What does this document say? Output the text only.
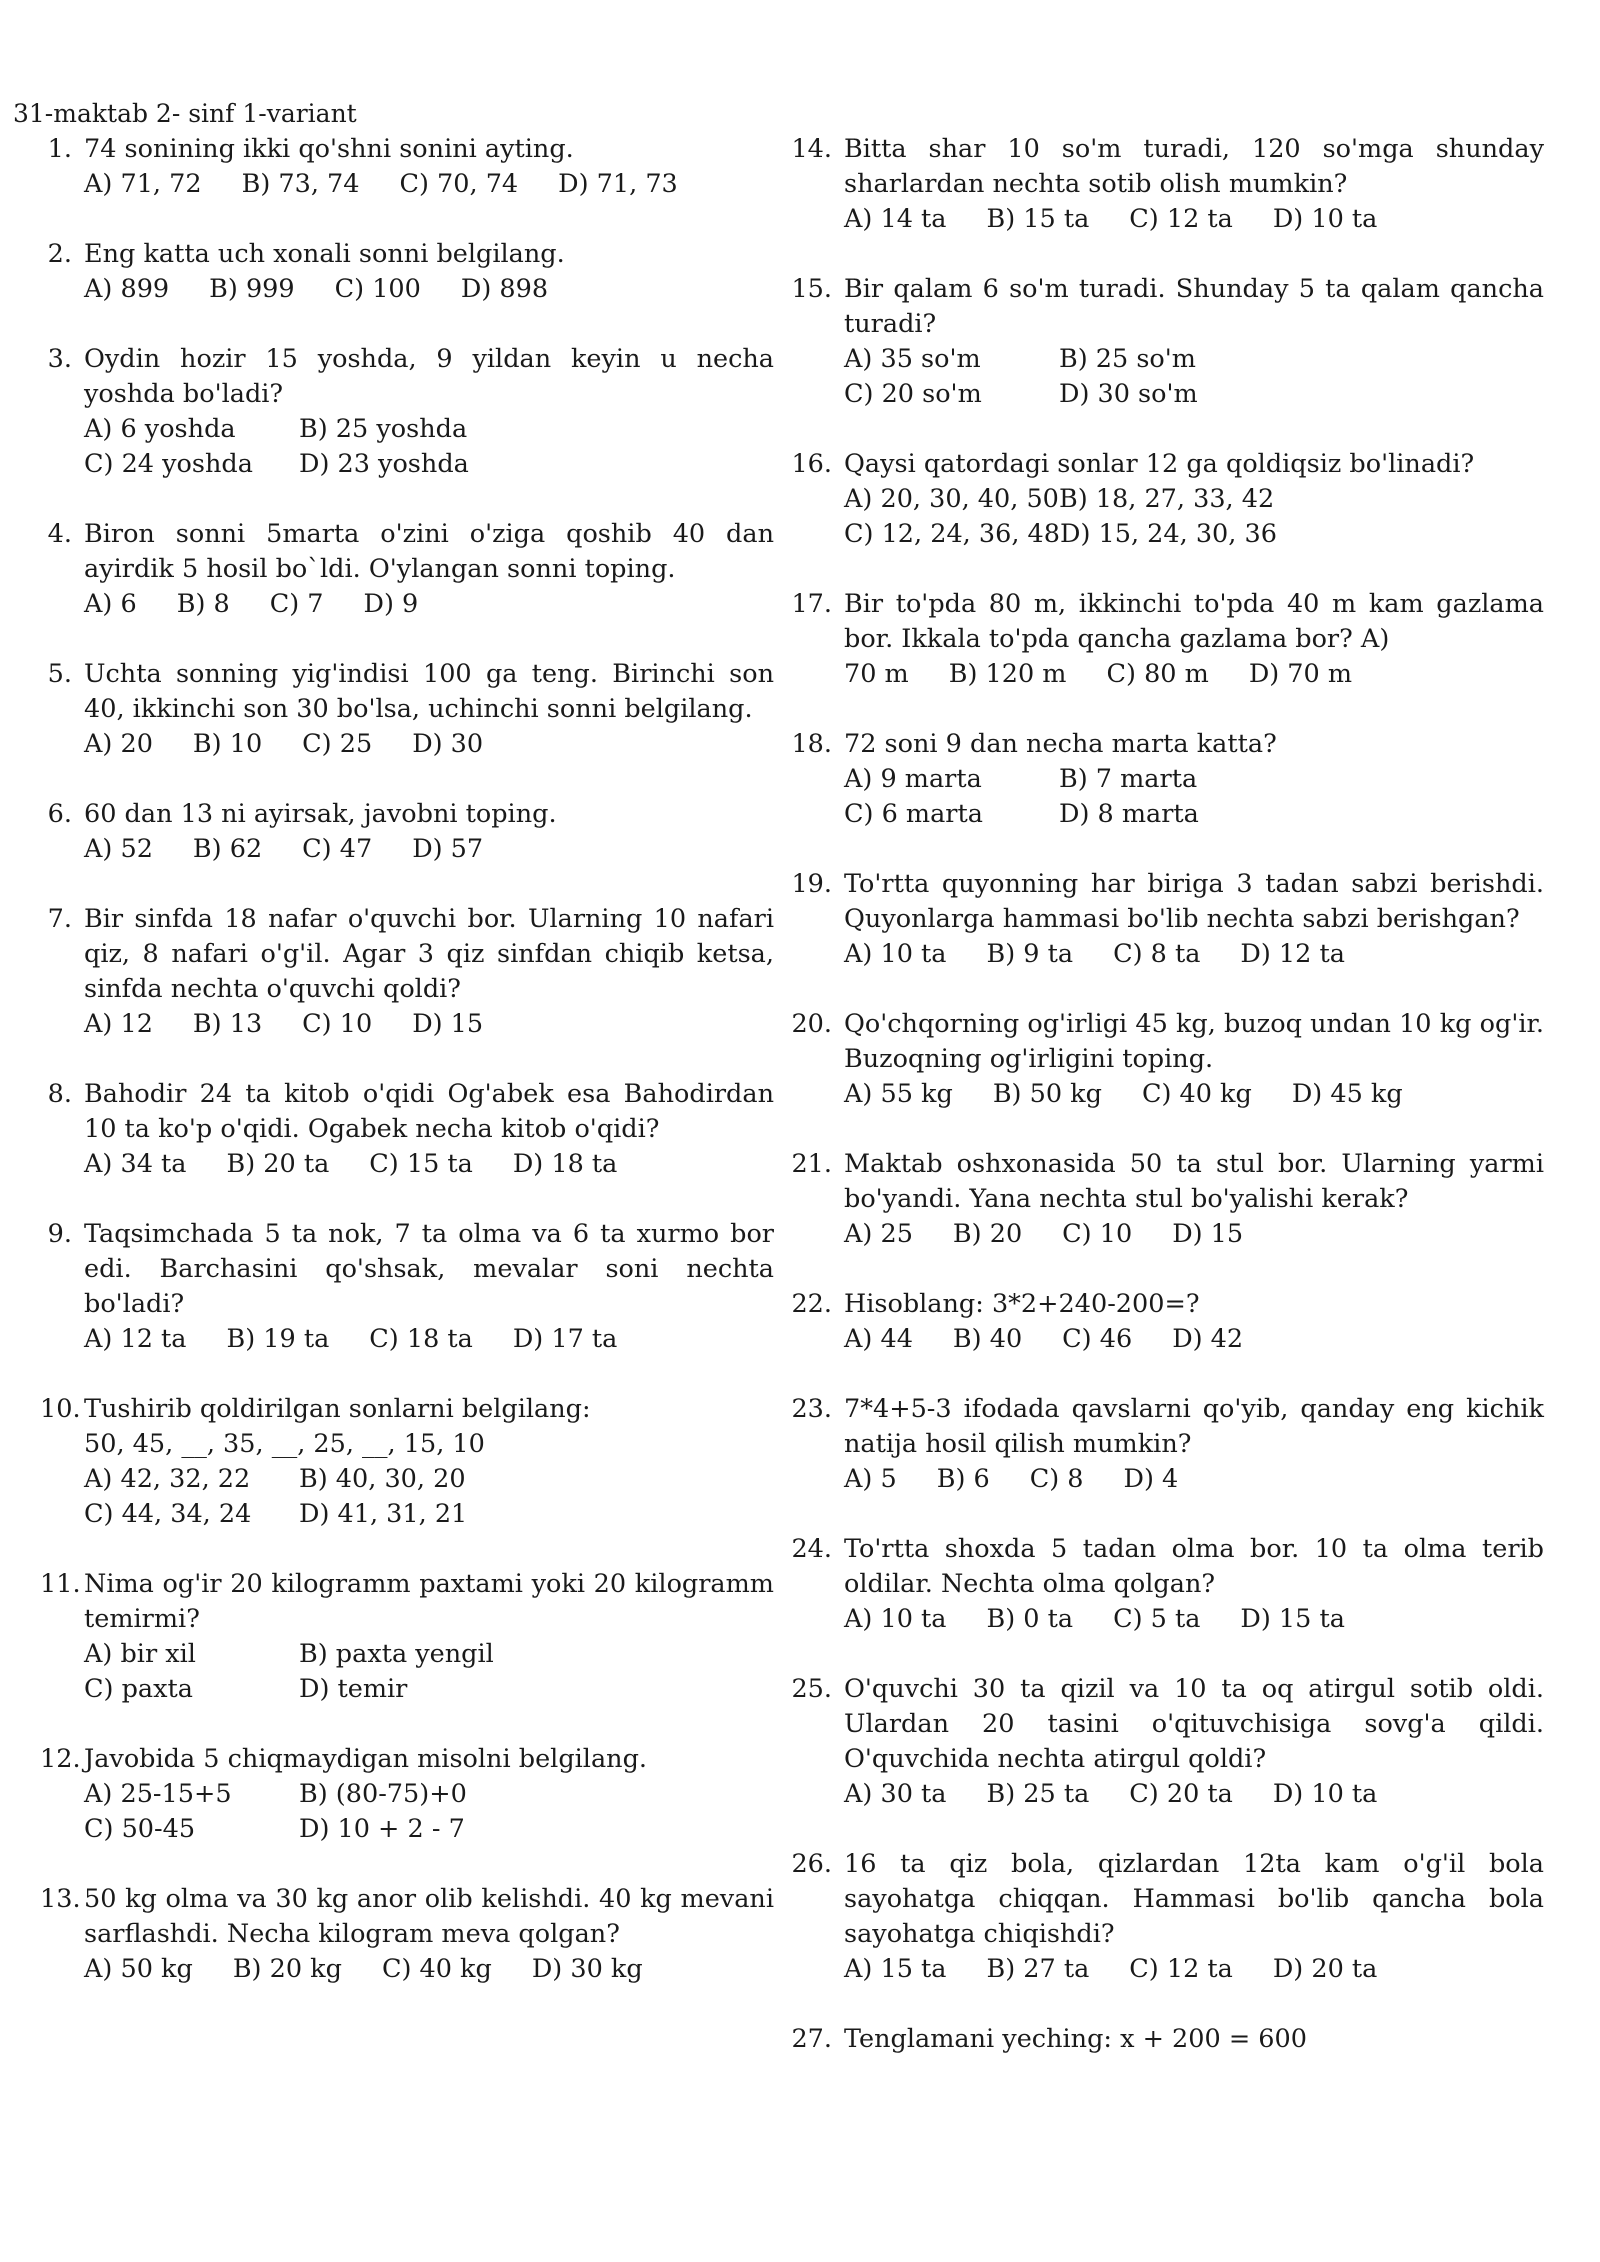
31-maktab 2- sinf 1-variant
1. 74 sonining ikki qo'shni sonini ayting.
A) 71, 72 B) 73, 74 C) 70, 74 D) 71, 73
2. Eng katta uch xonali sonni belgilang.
A) 899 B) 999 C) 100 D) 898
3. Oydin hozir 15 yoshda, 9 yildan keyin u necha yoshda bo'ladi?
A) 6 yoshda	B) 25 yoshda
C) 24 yoshda	D) 23 yoshda
4. Biron sonni 5marta o'zini o'ziga qoshib 40 dan ayirdik 5 hosil bo`ldi. O'ylangan sonni toping.
A) 6 B) 8 C) 7 D) 9
5. Uchta sonning yig'indisi 100 ga teng. Birinchi son 40, ikkinchi son 30 bo'lsa, uchinchi sonni belgilang.
A) 20 B) 10 C) 25 D) 30
6. 60 dan 13 ni ayirsak, javobni toping.
A) 52 B) 62 C) 47 D) 57
7. Bir sinfda 18 nafar o'quvchi bor. Ularning 10 nafari qiz, 8 nafari o'g'il. Agar 3 qiz sinfdan chiqib ketsa, sinfda nechta o'quvchi qoldi?
A) 12 B) 13 C) 10 D) 15
8. Bahodir 24 ta kitob o'qidi Og'abek esa Bahodirdan 10 ta ko'p o'qidi. Ogabek necha kitob o'qidi?
A) 34 ta B) 20 ta C) 15 ta D) 18 ta
9. Taqsimchada 5 ta nok, 7 ta olma va 6 ta xurmo bor edi. Barchasini qo'shsak, mevalar soni nechta bo'ladi?
A) 12 ta B) 19 ta C) 18 ta D) 17 ta
10. Tushirib qoldirilgan sonlarni belgilang:
50, 45, __, 35, __, 25, __, 15, 10
A) 42, 32, 22	B) 40, 30, 20
C) 44, 34, 24	D) 41, 31, 21
11. Nima og'ir 20 kilogramm paxtami yoki 20 kilogramm temirmi?
A) bir xil	B) paxta yengil
C) paxta	D) temir
12. Javobida 5 chiqmaydigan misolni belgilang.
A) 25-15+5	B) (80-75)+0
C) 50-45	D) 10 + 2 - 7
13. 50 kg olma va 30 kg anor olib kelishdi. 40 kg mevani sarflashdi. Necha kilogram meva qolgan?
A) 50 kg B) 20 kg C) 40 kg D) 30 kg
14. Bitta shar 10 so'm turadi, 120 so'mga shunday sharlardan nechta sotib olish mumkin?
A) 14 ta B) 15 ta C) 12 ta D) 10 ta
15. Bir qalam 6 so'm turadi. Shunday 5 ta qalam qancha turadi?
A) 35 so'm	B) 25 so'm
C) 20 so'm	D) 30 so'm
16. Qaysi qatordagi sonlar 12 ga qoldiqsiz bo'linadi?
A) 20, 30, 40, 50 B) 18, 27, 33, 42
C) 12, 24, 36, 48 D) 15, 24, 30, 36
17. Bir to'pda 80 m, ikkinchi to'pda 40 m kam gazlama bor. Ikkala to'pda qancha gazlama bor? A)
70 m B) 120 m C) 80 m D) 70 m
18. 72 soni 9 dan necha marta katta?
A) 9 marta	B) 7 marta
C) 6 marta	D) 8 marta
19. To'rtta quyonning har biriga 3 tadan sabzi berishdi. Quyonlarga hammasi bo'lib nechta sabzi berishgan?
A) 10 ta B) 9 ta C) 8 ta D) 12 ta
20. Qo'chqorning og'irligi 45 kg, buzoq undan 10 kg og'ir. Buzoqning og'irligini toping.
A) 55 kg B) 50 kg C) 40 kg D) 45 kg
21. Maktab oshxonasida 50 ta stul bor. Ularning yarmi bo'yandi. Yana nechta stul bo'yalishi kerak?
A) 25 B) 20 C) 10 D) 15
22. Hisoblang: 3*2+240-200=?
A) 44 B) 40 C) 46 D) 42
23. 7*4+5-3 ifodada qavslarni qo'yib, qanday eng kichik natija hosil qilish mumkin?
A) 5 B) 6 C) 8 D) 4
24. To'rtta shoxda 5 tadan olma bor. 10 ta olma terib oldilar. Nechta olma qolgan?
A) 10 ta B) 0 ta C) 5 ta D) 15 ta
25. O'quvchi 30 ta qizil va 10 ta oq atirgul sotib oldi. Ulardan 20 tasini o'qituvchisiga sovg'a qildi. O'quvchida nechta atirgul qoldi?
A) 30 ta B) 25 ta C) 20 ta D) 10 ta
26. 16 ta qiz bola, qizlardan 12ta kam o'g'il bola sayohatga chiqqan. Hammasi bo'lib qancha bola sayohatga chiqishdi?
A) 15 ta B) 27 ta C) 12 ta D) 20 ta
27. Tenglamani yeching: x + 200 = 600
